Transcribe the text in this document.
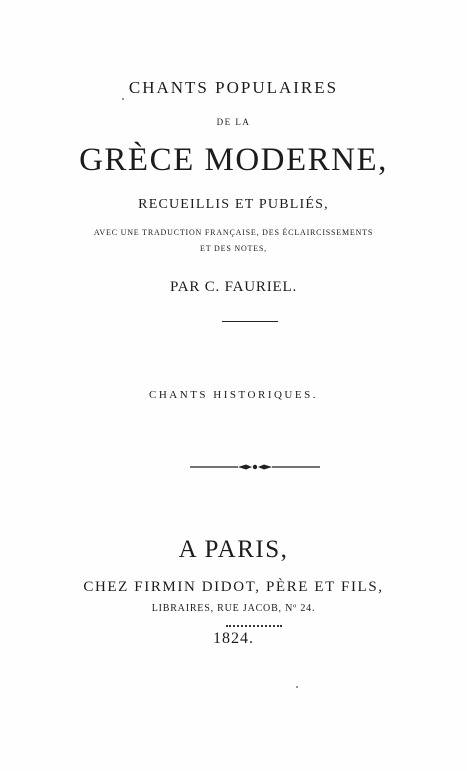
CHANTS POPULAIRES
DE LA
GRÈCE MODERNE,
RECUEILLIS ET PUBLIÉS,
AVEC UNE TRADUCTION FRANÇAISE, DES ÉCLAIRCISSEMENTS
ET DES NOTES,
PAR C. FAURIEL.
CHANTS HISTORIQUES.
A PARIS,
CHEZ FIRMIN DIDOT, PÈRE ET FILS,
LIBRAIRES, RUE JACOB, Nº 24.
1824.
